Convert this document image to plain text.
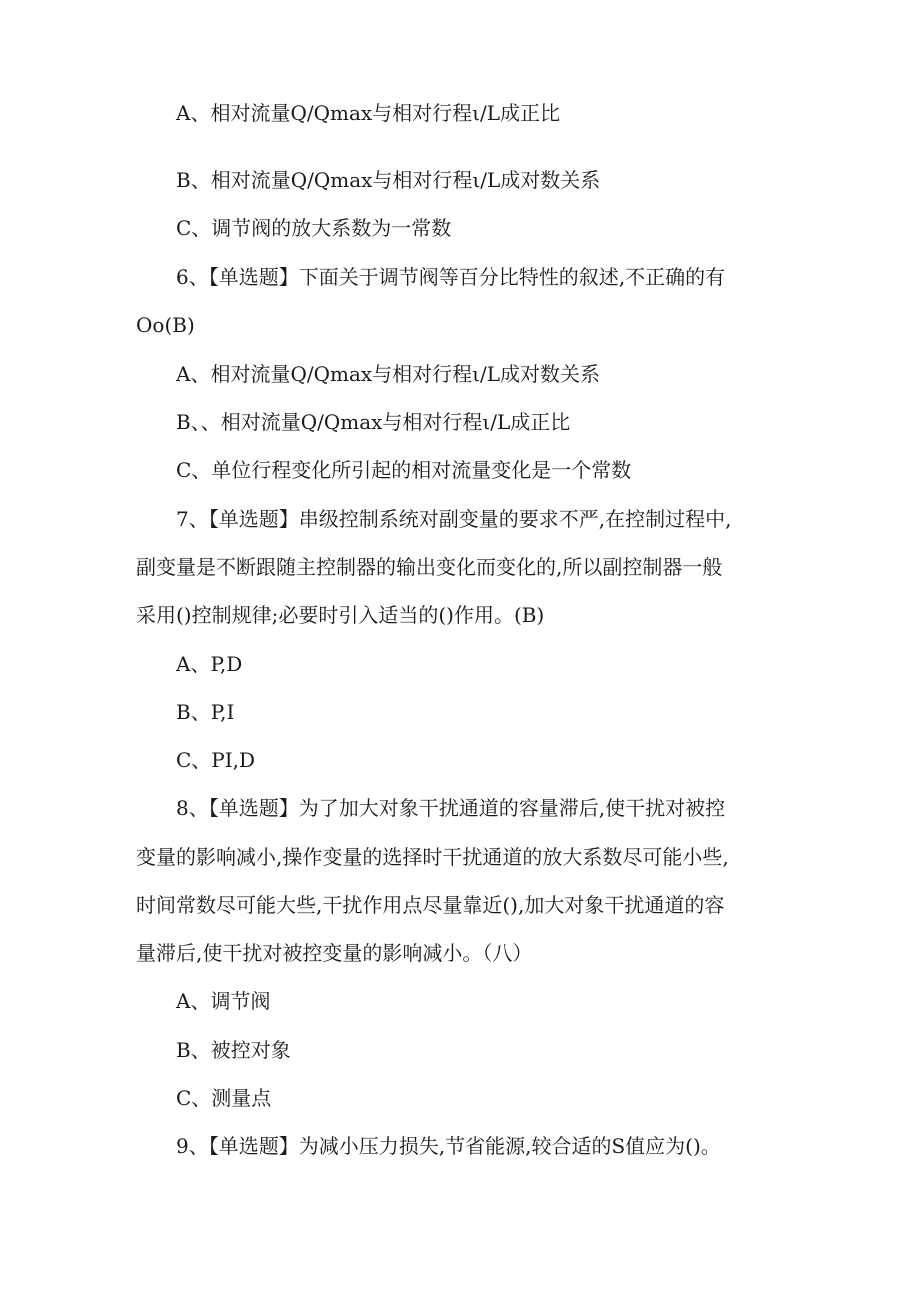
A、相对流量Q/Qmax与相对行程ι/L成正比
B、相对流量Q/Qmax与相对行程ι/L成对数关系
C、调节阀的放大系数为一常数
6、【单选题】下面关于调节阀等百分比特性的叙述,不正确的有
Oo(B)
A、相对流量Q/Qmax与相对行程ι/L成对数关系
B、、相对流量Q/Qmax与相对行程ι/L成正比
C、单位行程变化所引起的相对流量变化是一个常数
7、【单选题】串级控制系统对副变量的要求不严,在控制过程中,
副变量是不断跟随主控制器的输出变化而变化的,所以副控制器一般
采用()控制规律;必要时引入适当的()作用。(B)
A、P,D
B、P,I
C、PI,D
8、【单选题】为了加大对象干扰通道的容量滞后,使干扰对被控
变量的影响减小,操作变量的选择时干扰通道的放大系数尽可能小些,
时间常数尽可能大些,干扰作用点尽量靠近(),加大对象干扰通道的容
量滞后,使干扰对被控变量的影响减小。（八）
A、调节阀
B、被控对象
C、测量点
9、【单选题】为减小压力损失,节省能源,较合适的S值应为()。
